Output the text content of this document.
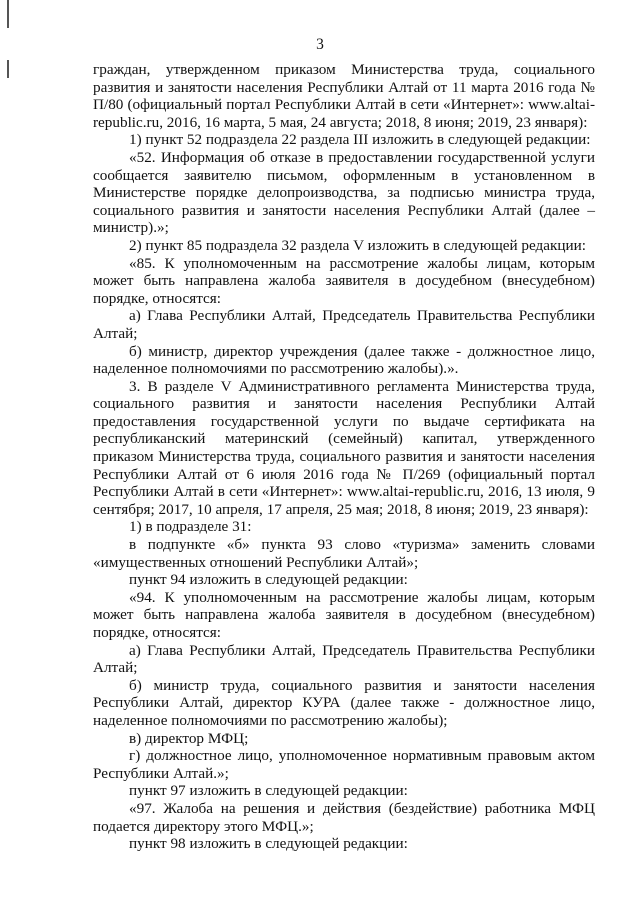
3

граждан, утвержденном приказом Министерства труда, социального развития и занятости населения Республики Алтай от 11 марта 2016 года № П/80 (официальный портал Республики Алтай в сети «Интернет»: www.altai-republic.ru, 2016, 16 марта, 5 мая, 24 августа; 2018, 8 июня; 2019, 23 января):

1) пункт 52 подраздела 22 раздела III изложить в следующей редакции:

«52. Информация об отказе в предоставлении государственной услуги сообщается заявителю письмом, оформленным в установленном в Министерстве порядке делопроизводства, за подписью министра труда, социального развития и занятости населения Республики Алтай (далее – министр).»;

2) пункт 85 подраздела 32 раздела V изложить в следующей редакции:

«85. К уполномоченным на рассмотрение жалобы лицам, которым может быть направлена жалоба заявителя в досудебном (внесудебном) порядке, относятся:

а) Глава Республики Алтай, Председатель Правительства Республики Алтай;

б) министр, директор учреждения (далее также - должностное лицо, наделенное полномочиями по рассмотрению жалобы).».

3. В разделе V Административного регламента Министерства труда, социального развития и занятости населения Республики Алтай предоставления государственной услуги по выдаче сертификата на республиканский материнский (семейный) капитал, утвержденного приказом Министерства труда, социального развития и занятости населения Республики Алтай от 6 июля 2016 года № П/269 (официальный портал Республики Алтай в сети «Интернет»: www.altai-republic.ru, 2016, 13 июля, 9 сентября; 2017, 10 апреля, 17 апреля, 25 мая; 2018, 8 июня; 2019, 23 января):

1) в подразделе 31:

в подпункте «б» пункта 93 слово «туризма» заменить словами «имущественных отношений Республики Алтай»;

пункт 94 изложить в следующей редакции:

«94. К уполномоченным на рассмотрение жалобы лицам, которым может быть направлена жалоба заявителя в досудебном (внесудебном) порядке, относятся:

а) Глава Республики Алтай, Председатель Правительства Республики Алтай;

б) министр труда, социального развития и занятости населения Республики Алтай, директор КУРА (далее также - должностное лицо, наделенное полномочиями по рассмотрению жалобы);

в) директор МФЦ;

г) должностное лицо, уполномоченное нормативным правовым актом Республики Алтай.»;

пункт 97 изложить в следующей редакции:

«97. Жалоба на решения и действия (бездействие) работника МФЦ подается директору этого МФЦ.»;

пункт 98 изложить в следующей редакции:
